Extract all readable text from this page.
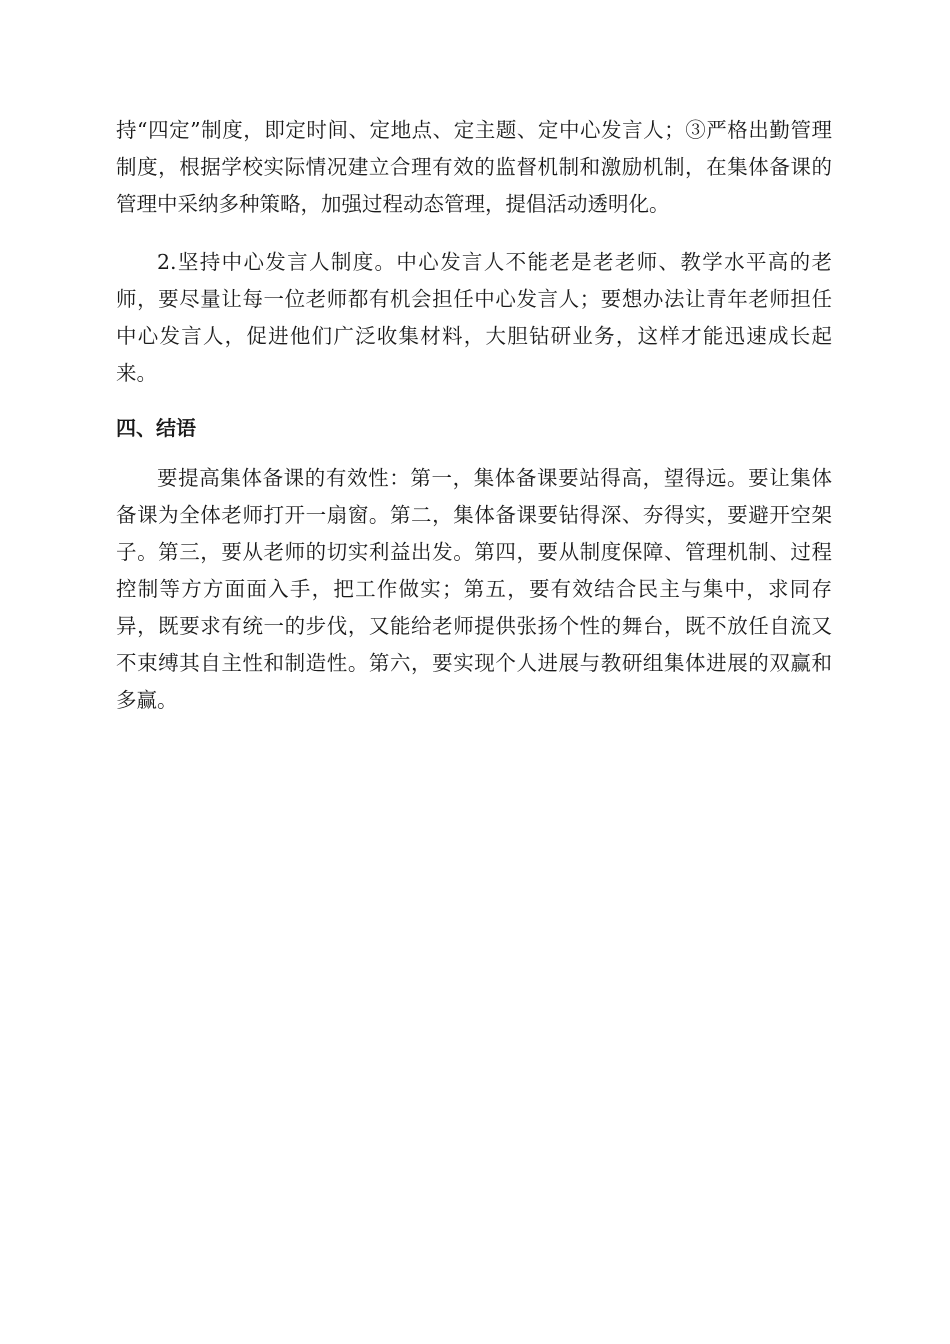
持“四定”制度，即定时间、定地点、定主题、定中心发言人；③严格出勤管理制度，根据学校实际情况建立合理有效的监督机制和激励机制，在集体备课的管理中采纳多种策略，加强过程动态管理，提倡活动透明化。

2.坚持中心发言人制度。中心发言人不能老是老老师、教学水平高的老师，要尽量让每一位老师都有机会担任中心发言人；要想办法让青年老师担任中心发言人，促进他们广泛收集材料，大胆钻研业务，这样才能迅速成长起来。

四、结语

要提高集体备课的有效性：第一，集体备课要站得高，望得远。要让集体备课为全体老师打开一扇窗。第二，集体备课要钻得深、夯得实，要避开空架子。第三，要从老师的切实利益出发。第四，要从制度保障、管理机制、过程控制等方方面面入手，把工作做实；第五，要有效结合民主与集中，求同存异，既要求有统一的步伐，又能给老师提供张扬个性的舞台，既不放任自流又不束缚其自主性和制造性。第六，要实现个人进展与教研组集体进展的双赢和多赢。
